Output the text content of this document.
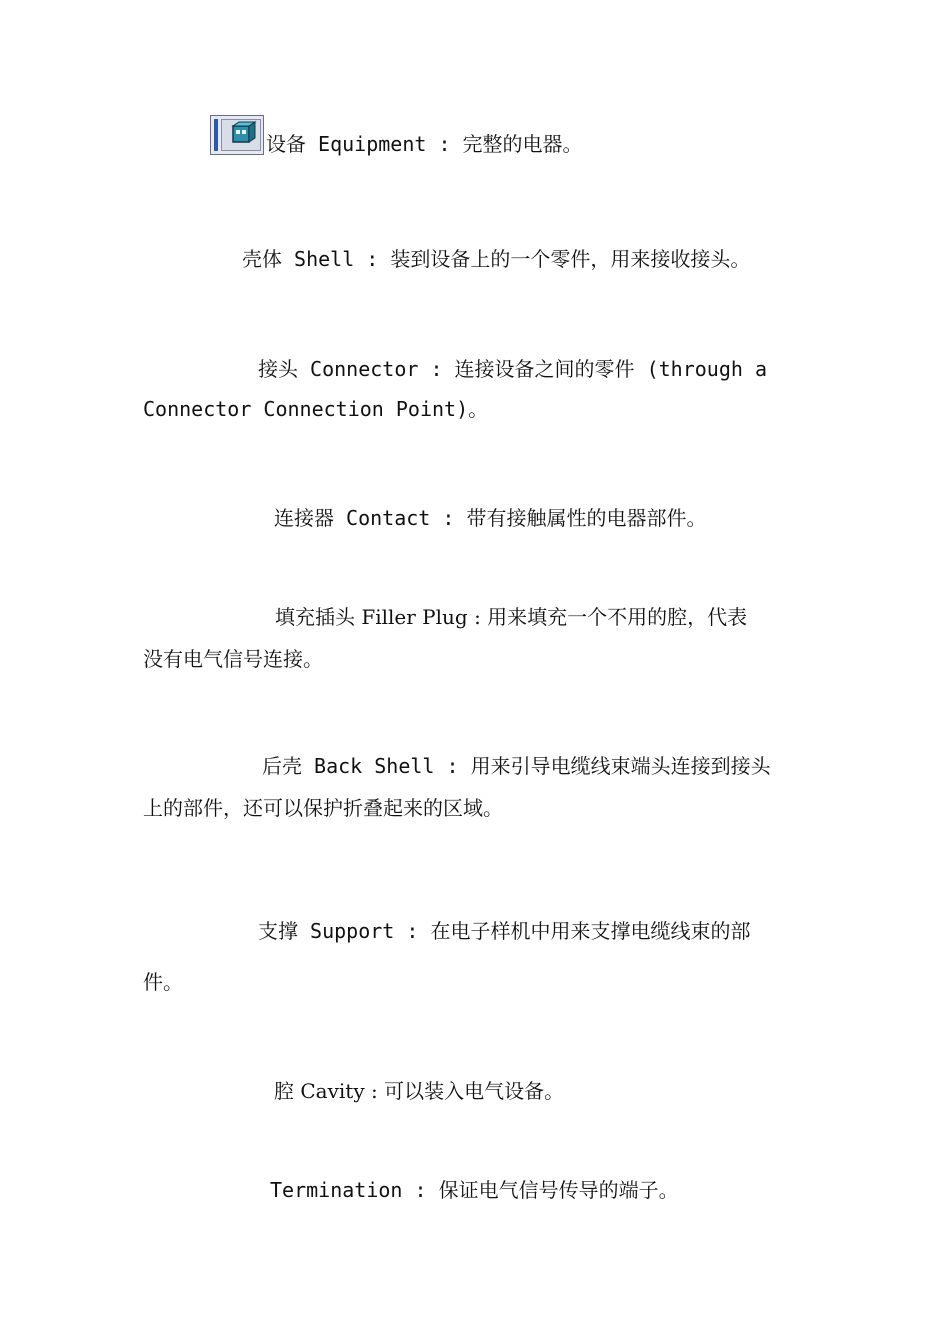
设备 Equipment : 完整的电器。
壳体 Shell : 装到设备上的一个零件，用来接收接头。
接头 Connector : 连接设备之间的零件 (through a
Connector Connection Point)。
连接器 Contact : 带有接触属性的电器部件。
填充插头 Filler Plug : 用来填充一个不用的腔，代表
没有电气信号连接。
后壳 Back Shell : 用来引导电缆线束端头连接到接头
上的部件，还可以保护折叠起来的区域。
支撑 Support : 在电子样机中用来支撑电缆线束的部
件。
腔 Cavity : 可以装入电气设备。
Termination : 保证电气信号传导的端子。
